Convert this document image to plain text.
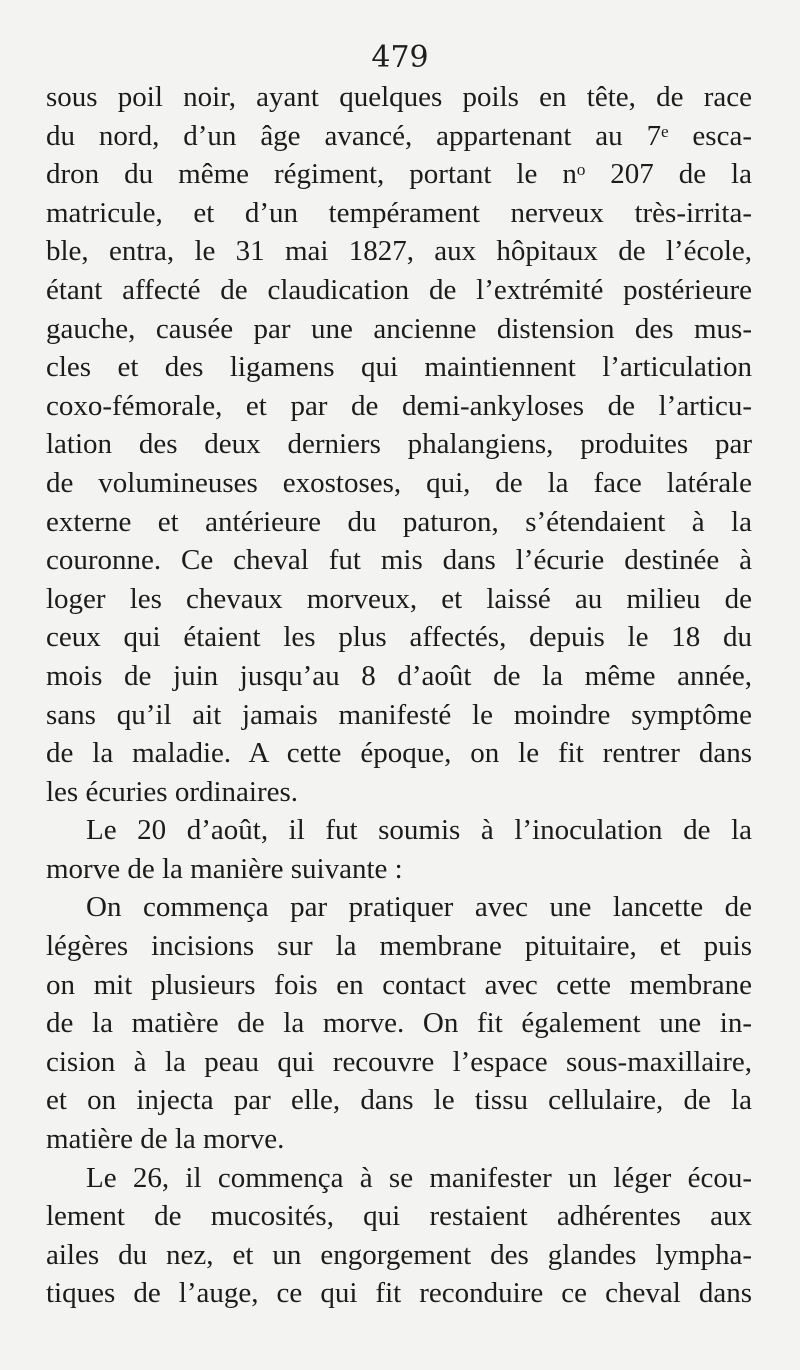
479
sous poil noir, ayant quelques poils en tête, de race
du nord, d’un âge avancé, appartenant au 7ᵉ esca-
dron du même régiment, portant le nᵒ 207 de la
matricule, et d’un tempérament nerveux très-irrita-
ble, entra, le 31 mai 1827, aux hôpitaux de l’école,
étant affecté de claudication de l’extrémité postérieure
gauche, causée par une ancienne distension des mus-
cles et des ligamens qui maintiennent l’articulation
coxo-fémorale, et par de demi-ankyloses de l’articu-
lation des deux derniers phalangiens, produites par
de volumineuses exostoses, qui, de la face latérale
externe et antérieure du paturon, s’étendaient à la
couronne. Ce cheval fut mis dans l’écurie destinée à
loger les chevaux morveux, et laissé au milieu de
ceux qui étaient les plus affectés, depuis le 18 du
mois de juin jusqu’au 8 d’août de la même année,
sans qu’il ait jamais manifesté le moindre symptôme
de la maladie. A cette époque, on le fit rentrer dans
les écuries ordinaires.
Le 20 d’août, il fut soumis à l’inoculation de la
morve de la manière suivante :
On commença par pratiquer avec une lancette de
légères incisions sur la membrane pituitaire, et puis
on mit plusieurs fois en contact avec cette membrane
de la matière de la morve. On fit également une in-
cision à la peau qui recouvre l’espace sous-maxillaire,
et on injecta par elle, dans le tissu cellulaire, de la
matière de la morve.
Le 26, il commença à se manifester un léger écou-
lement de mucosités, qui restaient adhérentes aux
ailes du nez, et un engorgement des glandes lympha-
tiques de l’auge, ce qui fit reconduire ce cheval dans
